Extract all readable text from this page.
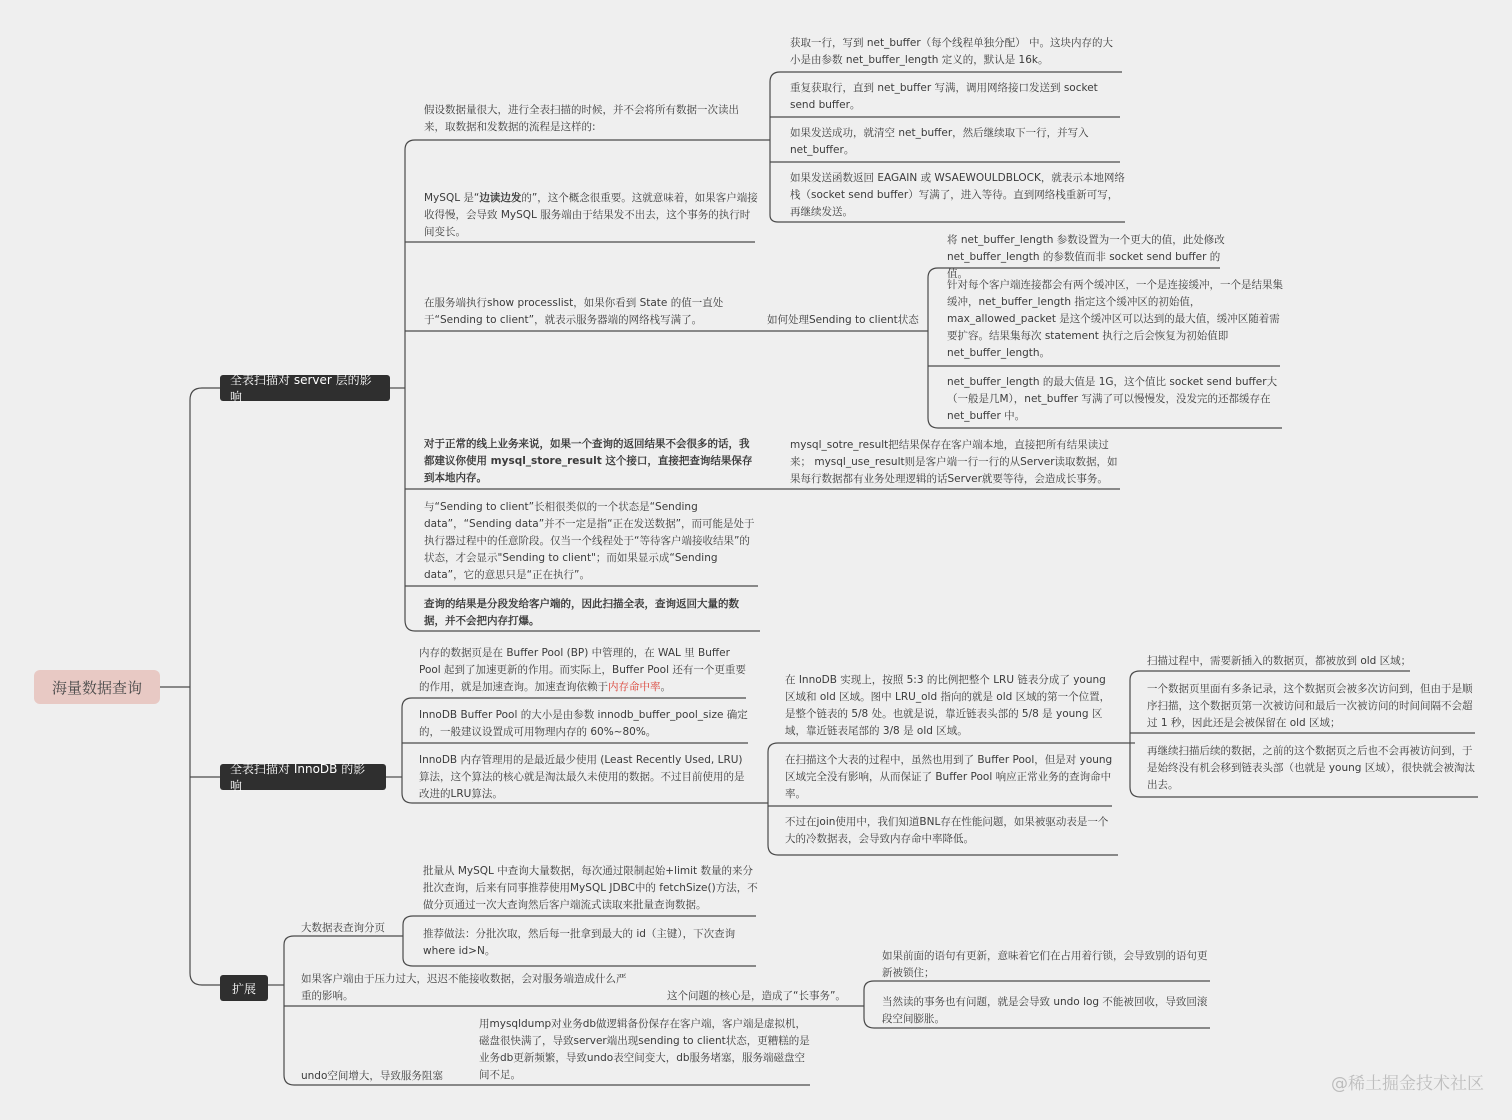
海量数据查询
全表扫描对 server 层的影响
全表扫描对 InnoDB 的影响
扩展
假设数据量很大，进行全表扫描的时候，并不会将所有数据一次读出来，取数据和发数据的流程是这样的:
获取一行，写到 net_buffer（每个线程单独分配） 中。这块内存的大小是由参数 net_buffer_length 定义的，默认是 16k。
重复获取行，直到 net_buffer 写满，调用网络接口发送到 socket send buffer。
如果发送成功，就清空 net_buffer，然后继续取下一行，并写入 net_buffer。
如果发送函数返回 EAGAIN 或 WSAEWOULDBLOCK，就表示本地网络栈（socket send buffer）写满了，进入等待。直到网络栈重新可写，再继续发送。
MySQL 是“边读边发的”，这个概念很重要。这就意味着，如果客户端接收得慢，会导致 MySQL 服务端由于结果发不出去，这个事务的执行时间变长。
在服务端执行show processlist，如果你看到 State 的值一直处于“Sending to client”，就表示服务器端的网络栈写满了。	如何处理Sending to client状态
将 net_buffer_length 参数设置为一个更大的值，此处修改 net_buffer_length 的参数值而非 socket send buffer 的值。
针对每个客户端连接都会有两个缓冲区，一个是连接缓冲，一个是结果集缓冲，net_buffer_length 指定这个缓冲区的初始值，max_allowed_packet 是这个缓冲区可以达到的最大值，缓冲区随着需要扩容。结果集每次 statement 执行之后会恢复为初始值即 net_buffer_length。
net_buffer_length 的最大值是 1G，这个值比 socket send buffer大（一般是几M），net_buffer 写满了可以慢慢发，没发完的还都缓存在 net_buffer 中。
对于正常的线上业务来说，如果一个查询的返回结果不会很多的话，我都建议你使用 mysql_store_result 这个接口，直接把查询结果保存到本地内存。
mysql_sotre_result把结果保存在客户端本地，直接把所有结果读过来； mysql_use_result则是客户端一行一行的从Server读取数据，如果每行数据都有业务处理逻辑的话Server就要等待，会造成长事务。
与“Sending to client”长相很类似的一个状态是“Sending data”，“Sending data”并不一定是指“正在发送数据”，而可能是处于执行器过程中的任意阶段。仅当一个线程处于“等待客户端接收结果”的状态，才会显示"Sending to client"；而如果显示成“Sending data”，它的意思只是“正在执行”。
查询的结果是分段发给客户端的，因此扫描全表，查询返回大量的数据，并不会把内存打爆。
内存的数据页是在 Buffer Pool (BP) 中管理的，在 WAL 里 Buffer Pool 起到了加速更新的作用。而实际上，Buffer Pool 还有一个更重要的作用，就是加速查询。加速查询依赖于内存命中率。
InnoDB Buffer Pool 的大小是由参数 innodb_buffer_pool_size 确定的，一般建议设置成可用物理内存的 60%~80%。
InnoDB 内存管理用的是最近最少使用 (Least Recently Used, LRU) 算法，这个算法的核心就是淘汰最久未使用的数据。不过目前使用的是改进的LRU算法。
在 InnoDB 实现上，按照 5:3 的比例把整个 LRU 链表分成了 young 区域和 old 区域。图中 LRU_old 指向的就是 old 区域的第一个位置，是整个链表的 5/8 处。也就是说，靠近链表头部的 5/8 是 young 区域，靠近链表尾部的 3/8 是 old 区域。
在扫描这个大表的过程中，虽然也用到了 Buffer Pool，但是对 young 区域完全没有影响，从而保证了 Buffer Pool 响应正常业务的查询命中率。
不过在join使用中，我们知道BNL存在性能问题，如果被驱动表是一个大的冷数据表，会导致内存命中率降低。
扫描过程中，需要新插入的数据页，都被放到 old 区域；
一个数据页里面有多条记录，这个数据页会被多次访问到，但由于是顺序扫描，这个数据页第一次被访问和最后一次被访问的时间间隔不会超过 1 秒，因此还是会被保留在 old 区域；
再继续扫描后续的数据，之前的这个数据页之后也不会再被访问到，于是始终没有机会移到链表头部（也就是 young 区域），很快就会被淘汰出去。
大数据表查询分页
批量从 MySQL 中查询大量数据，每次通过限制起始+limit 数量的来分批次查询，后来有同事推荐使用MySQL JDBC中的 fetchSize()方法，不做分页通过一次大查询然后客户端流式读取来批量查询数据。
推荐做法：分批次取，然后每一批拿到最大的 id（主键），下次查询 where id>N。
如果客户端由于压力过大，迟迟不能接收数据，会对服务端造成什么严重的影响。	这个问题的核心是，造成了“长事务”。
如果前面的语句有更新，意味着它们在占用着行锁，会导致别的语句更新被锁住；
当然读的事务也有问题，就是会导致 undo log 不能被回收，导致回滚段空间膨胀。
undo空间增大，导致服务阻塞
用mysqldump对业务db做逻辑备份保存在客户端，客户端是虚拟机，磁盘很快满了，导致server端出现sending to client状态，更糟糕的是业务db更新频繁，导致undo表空间变大，db服务堵塞，服务端磁盘空间不足。	@稀土掘金技术社区
